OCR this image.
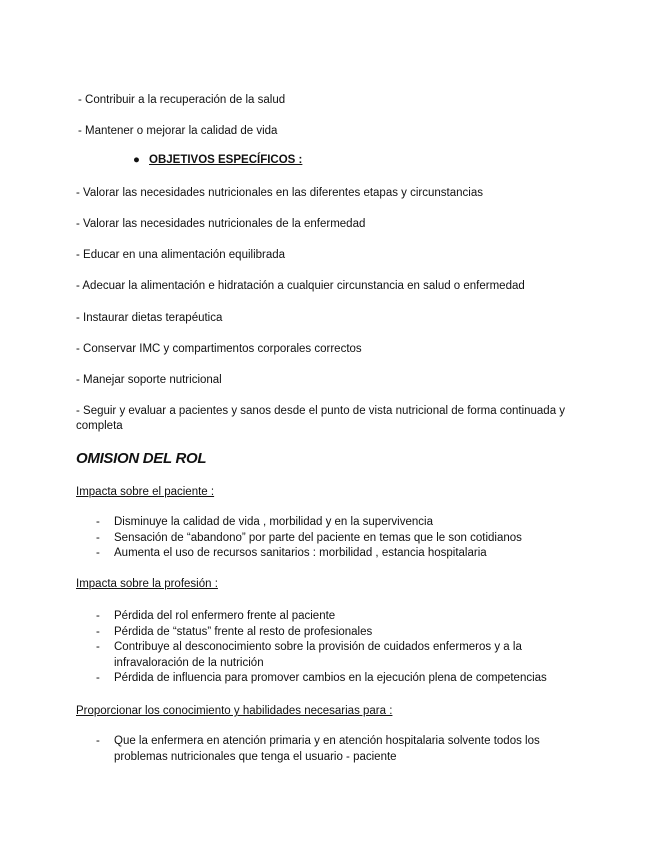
- Contribuir a la recuperación de la salud
- Mantener o mejorar la calidad de vida
● OBJETIVOS ESPECÍFICOS :
- Valorar las necesidades nutricionales en las diferentes etapas y circunstancias
- Valorar las necesidades nutricionales de la enfermedad
- Educar en una alimentación equilibrada
- Adecuar la alimentación e hidratación a cualquier circunstancia en salud o enfermedad
- Instaurar dietas terapéutica
- Conservar IMC y compartimentos corporales correctos
- Manejar soporte nutricional
- Seguir y evaluar a pacientes y sanos desde el punto de vista nutricional de forma continuada y completa
OMISION DEL ROL
Impacta sobre el paciente :
- Disminuye la calidad de vida , morbilidad y en la supervivencia
- Sensación de “abandono” por parte del paciente en temas que le son cotidianos
- Aumenta el uso de recursos sanitarios : morbilidad , estancia hospitalaria
Impacta sobre la profesión :
- Pérdida del rol enfermero frente al paciente
- Pérdida de “status” frente al resto de profesionales
- Contribuye al desconocimiento sobre la provisión de cuidados enfermeros y a la infravaloración de la nutrición
- Pérdida de influencia para promover cambios en la ejecución plena de competencias
Proporcionar los conocimiento y habilidades necesarias para :
- Que la enfermera en atención primaria y en atención hospitalaria solvente todos los problemas nutricionales que tenga el usuario - paciente
